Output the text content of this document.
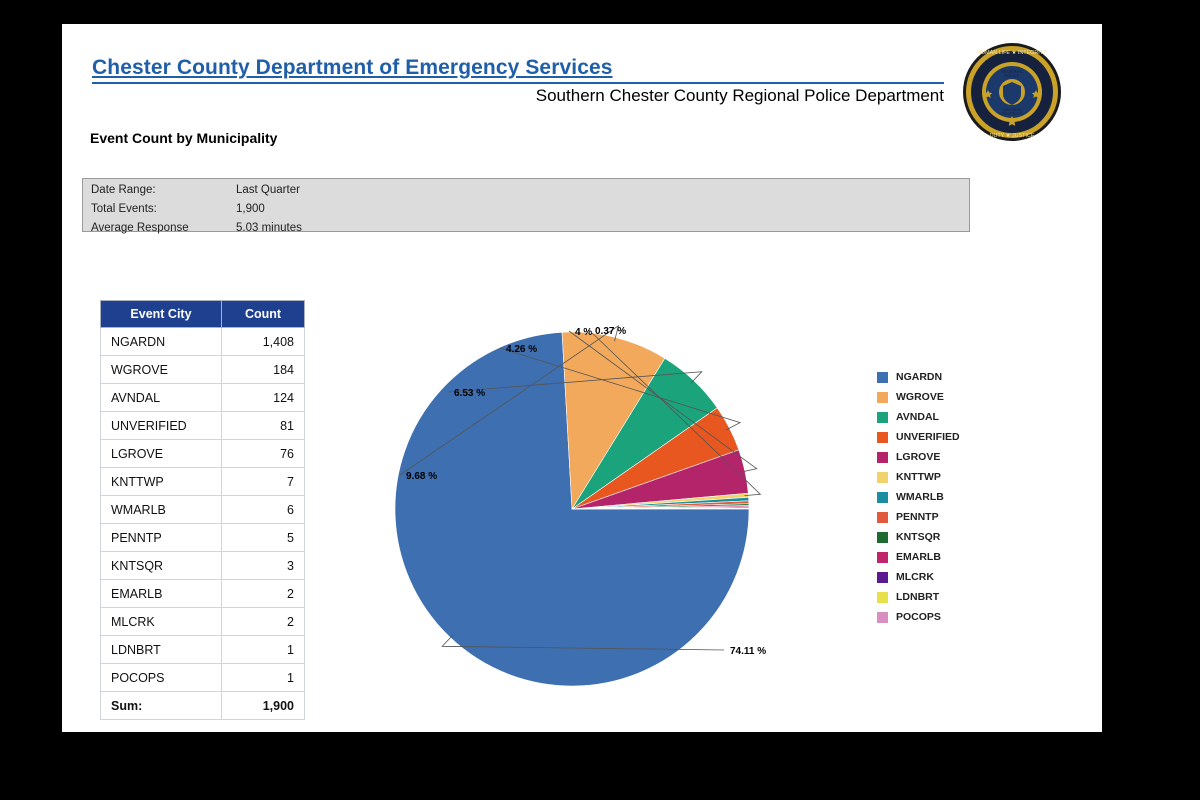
Chester County Department of Emergency Services
Southern Chester County Regional Police Department
Event Count by Municipality
HUMAN LIFE ★ INTEGRITY
DUTY ★ JUSTICE
REGIONAL
POLICE
SOUTHERN
CHESTER CO.
Date Range:	Last Quarter
Total Events:	1,900
Average Response	5.03 minutes
Event City	Count
NGARDN	1,408
WGROVE	184
AVNDAL	124
UNVERIFIED	81
LGROVE	76
KNTTWP	7
WMARLB	6
PENNTP	5
KNTSQR	3
EMARLB	2
MLCRK	2
LDNBRT	1
POCOPS	1
Sum:	1,900
74.11 %
9.68 %
6.53 %
4.26 %
4 % 0.37 %
NGARDN
WGROVE
AVNDAL
UNVERIFIED
LGROVE
KNTTWP
WMARLB
PENNTP
KNTSQR
EMARLB
MLCRK
LDNBRT
POCOPS
